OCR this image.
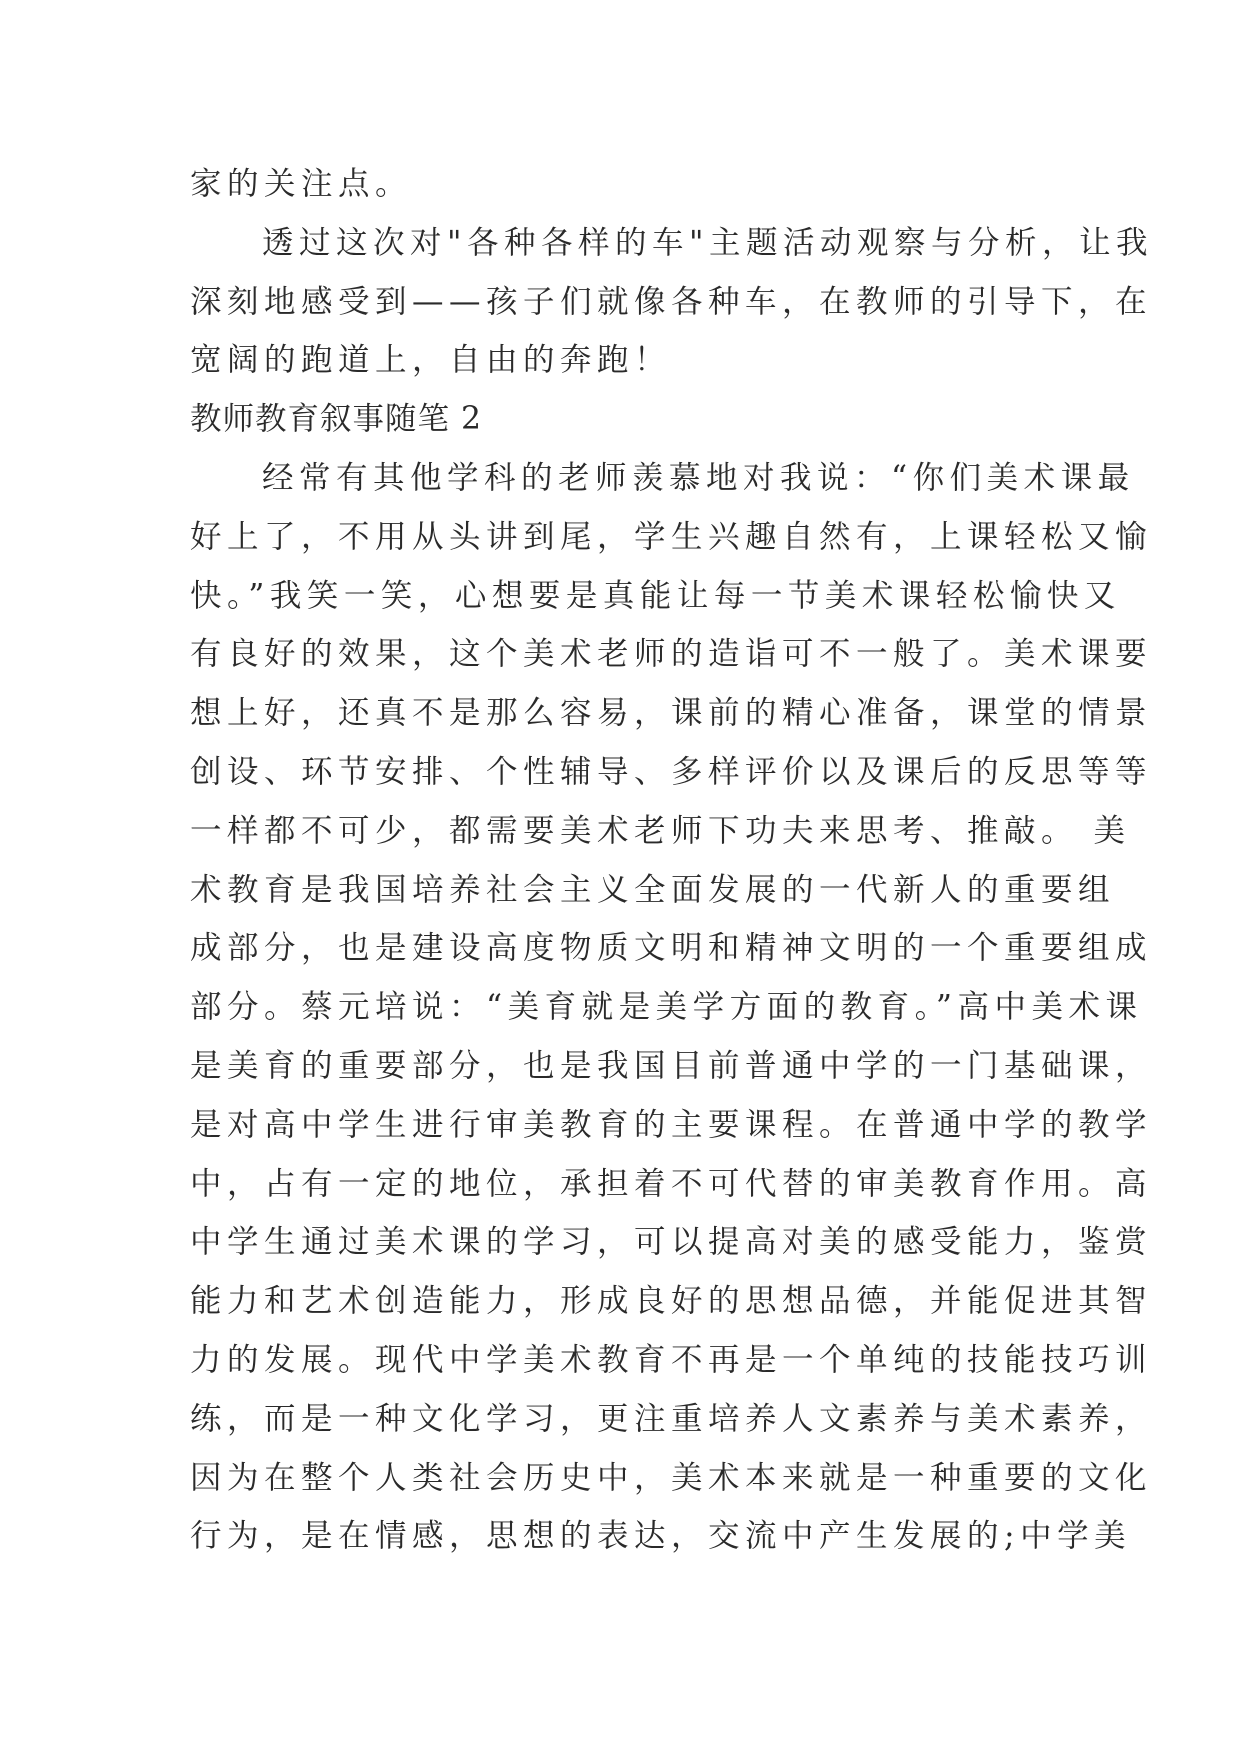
家的关注点。
透过这次对"各种各样的车"主题活动观察与分析，让我
深刻地感受到——孩子们就像各种车，在教师的引导下，在
宽阔的跑道上，自由的奔跑！
教师教育叙事随笔 2
经常有其他学科的老师羡慕地对我说：“你们美术课最
好上了，不用从头讲到尾，学生兴趣自然有，上课轻松又愉
快。”我笑一笑，心想要是真能让每一节美术课轻松愉快又
有良好的效果，这个美术老师的造诣可不一般了。美术课要
想上好，还真不是那么容易，课前的精心准备，课堂的情景
创设、环节安排、个性辅导、多样评价以及课后的反思等等
一样都不可少，都需要美术老师下功夫来思考、推敲。 美
术教育是我国培养社会主义全面发展的一代新人的重要组
成部分，也是建设高度物质文明和精神文明的一个重要组成
部分。蔡元培说：“美育就是美学方面的教育。”高中美术课
是美育的重要部分，也是我国目前普通中学的一门基础课，
是对高中学生进行审美教育的主要课程。在普通中学的教学
中，占有一定的地位，承担着不可代替的审美教育作用。高
中学生通过美术课的学习，可以提高对美的感受能力，鉴赏
能力和艺术创造能力，形成良好的思想品德，并能促进其智
力的发展。现代中学美术教育不再是一个单纯的技能技巧训
练，而是一种文化学习，更注重培养人文素养与美术素养，
因为在整个人类社会历史中，美术本来就是一种重要的文化
行为，是在情感，思想的表达，交流中产生发展的;中学美
